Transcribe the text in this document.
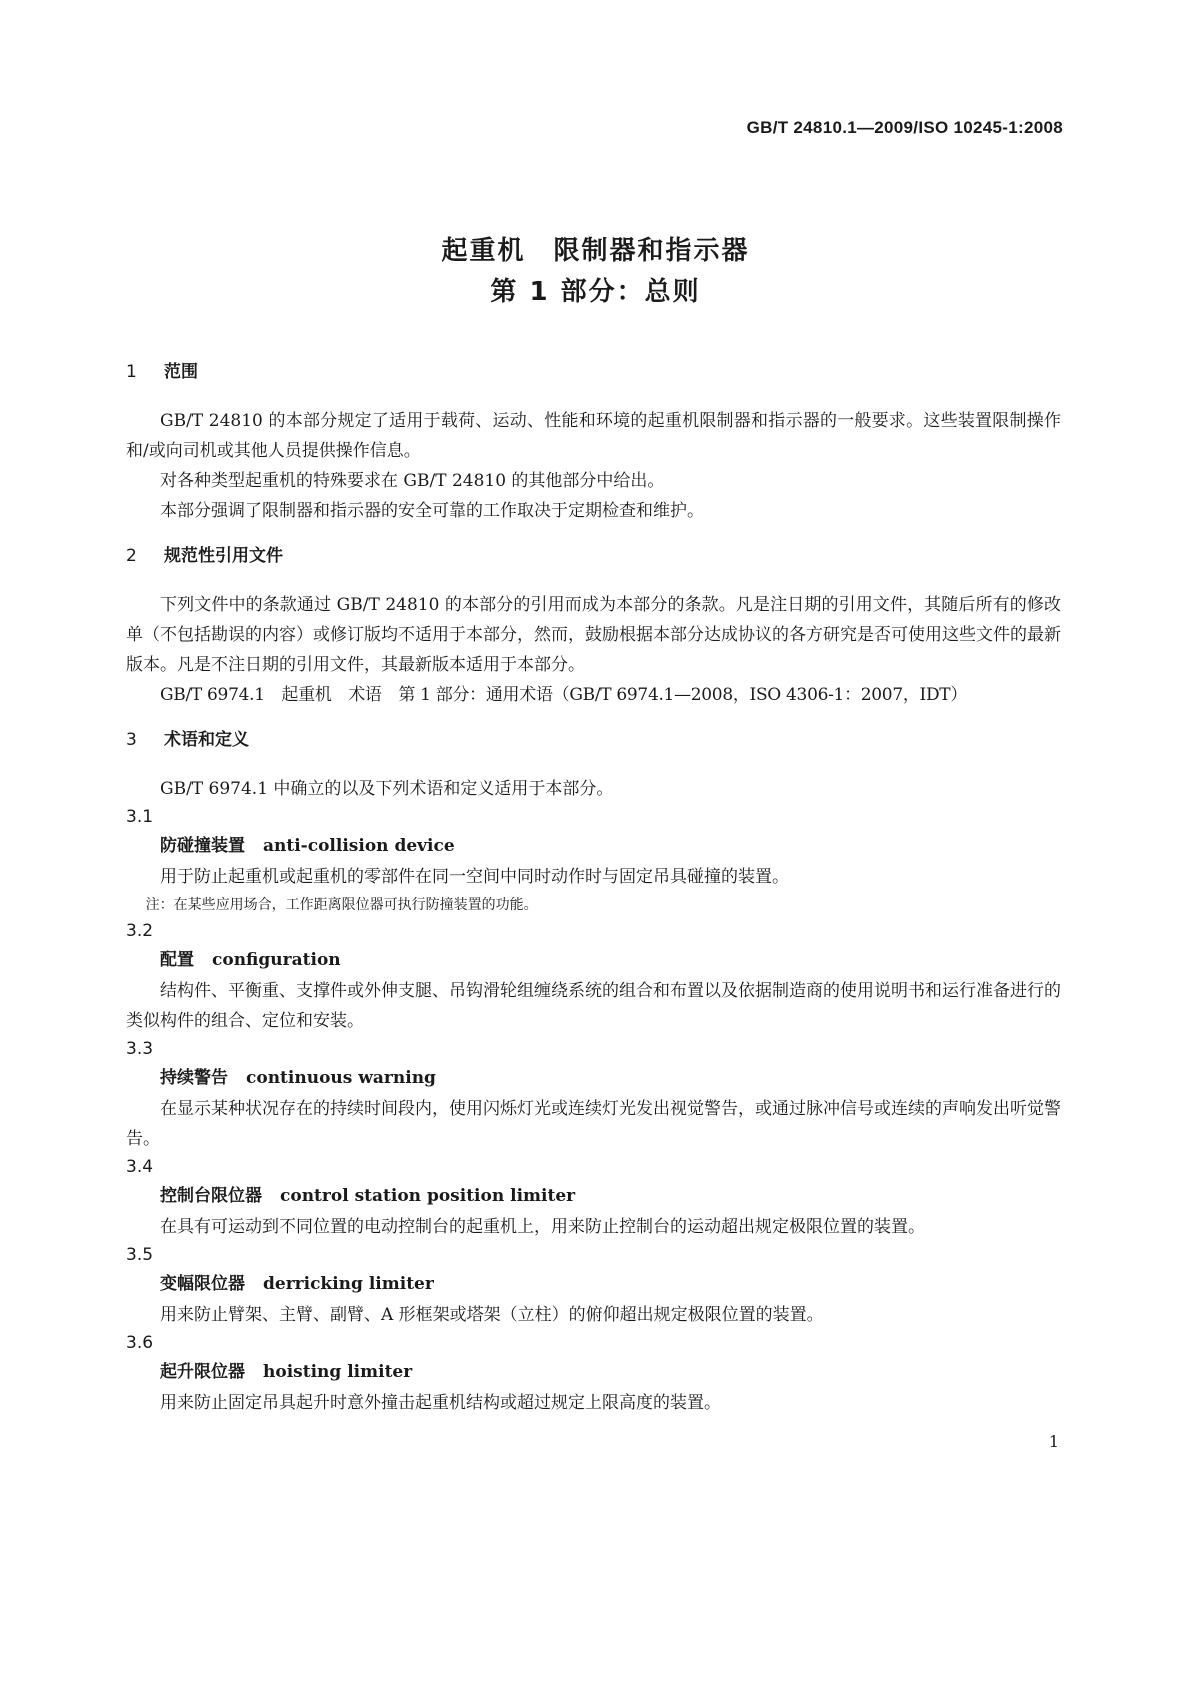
GB/T 24810.1—2009/ISO 10245-1:2008
起重机　限制器和指示器
第 1 部分：总则
1 范围

GB/T 24810 的本部分规定了适用于载荷、运动、性能和环境的起重机限制器和指示器的一般要求。这些装置限制操作和/或向司机或其他人员提供操作信息。

对各种类型起重机的特殊要求在 GB/T 24810 的其他部分中给出。

本部分强调了限制器和指示器的安全可靠的工作取决于定期检查和维护。

2 规范性引用文件

下列文件中的条款通过 GB/T 24810 的本部分的引用而成为本部分的条款。凡是注日期的引用文件，其随后所有的修改单（不包括勘误的内容）或修订版均不适用于本部分，然而，鼓励根据本部分达成协议的各方研究是否可使用这些文件的最新版本。凡是不注日期的引用文件，其最新版本适用于本部分。

GB/T 6974.1　起重机　术语　第 1 部分：通用术语（GB/T 6974.1—2008，ISO 4306-1：2007，IDT）

3 术语和定义

GB/T 6974.1 中确立的以及下列术语和定义适用于本部分。

3.1

防碰撞装置 anti-collision device

用于防止起重机或起重机的零部件在同一空间中同时动作时与固定吊具碰撞的装置。

注：在某些应用场合，工作距离限位器可执行防撞装置的功能。

3.2

配置 configuration

结构件、平衡重、支撑件或外伸支腿、吊钩滑轮组缠绕系统的组合和布置以及依据制造商的使用说明书和运行准备进行的类似构件的组合、定位和安装。

3.3

持续警告 continuous warning

在显示某种状况存在的持续时间段内，使用闪烁灯光或连续灯光发出视觉警告，或通过脉冲信号或连续的声响发出听觉警告。

3.4

控制台限位器 control station position limiter

在具有可运动到不同位置的电动控制台的起重机上，用来防止控制台的运动超出规定极限位置的装置。

3.5

变幅限位器 derricking limiter

用来防止臂架、主臂、副臂、A 形框架或塔架（立柱）的俯仰超出规定极限位置的装置。

3.6

起升限位器 hoisting limiter

用来防止固定吊具起升时意外撞击起重机结构或超过规定上限高度的装置。

1
